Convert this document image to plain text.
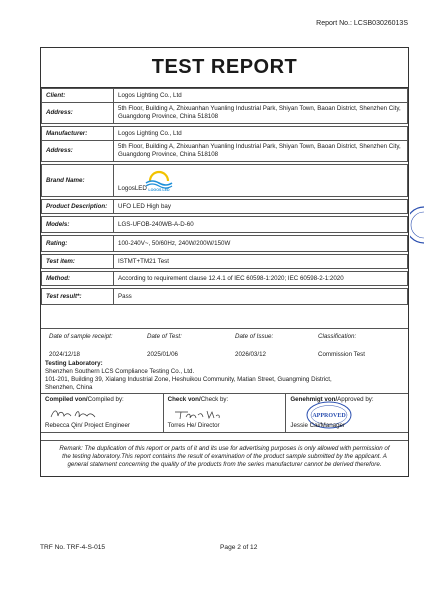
Report No.: LCSB03026013S
TEST REPORT
Client:	Logos Lighting Co., Ltd
Address:	5th Floor, Building A, Zhixuanhan Yuanling Industrial Park, Shiyan Town, Baoan District, Shenzhen City, Guangdong Province, China 518108

Manufacturer:	Logos Lighting Co., Ltd
Address:	5th Floor, Building A, Zhixuanhan Yuanling Industrial Park, Shiyan Town, Baoan District, Shenzhen City, Guangdong Province, China 518108

Brand Name:	LOGOS LED
LogosLED

Product Description:	UFO LED High bay

Models:	LGS-UFOB-240WB-A-D-60

Rating:	100-240V~, 50/60Hz, 240W/200W/150W

Test item:	ISTMT+TM21 Test

Method:	According to requirement clause 12.4.1 of IEC 60598-1:2020; IEC 60598-2-1:2020

Test result*:	Pass
Date of sample receipt:	Date of Test:	Date of Issue:	Classification:
2024/12/18	2025/01/06	2026/03/12	Commission Test
Testing Laboratory:
Shenzhen Southern LCS Compliance Testing Co., Ltd.
101-201, Building 39, Xialang Industrial Zone, Heshuikou Community, Matian Street, Guangming District,
Shenzhen, China
Compiled von/Compiled by:
Rebecca Qin/ Project Engineer
Check von/Check by:
Torres He/ Director
Genehmigt von/Approved by:
APPROVED
Jessie Cai/Manager
Remark: The duplication of this report or parts of it and its use for advertising purposes is only allowed with permission of the testing laboratory.This report contains the result of examination of the product sample submitted by the applicant. A general statement concerning the quality of the products from the series manufacturer cannot be derived therefore.
TRF No. TRF-4-S-015	Page 2 of 12
